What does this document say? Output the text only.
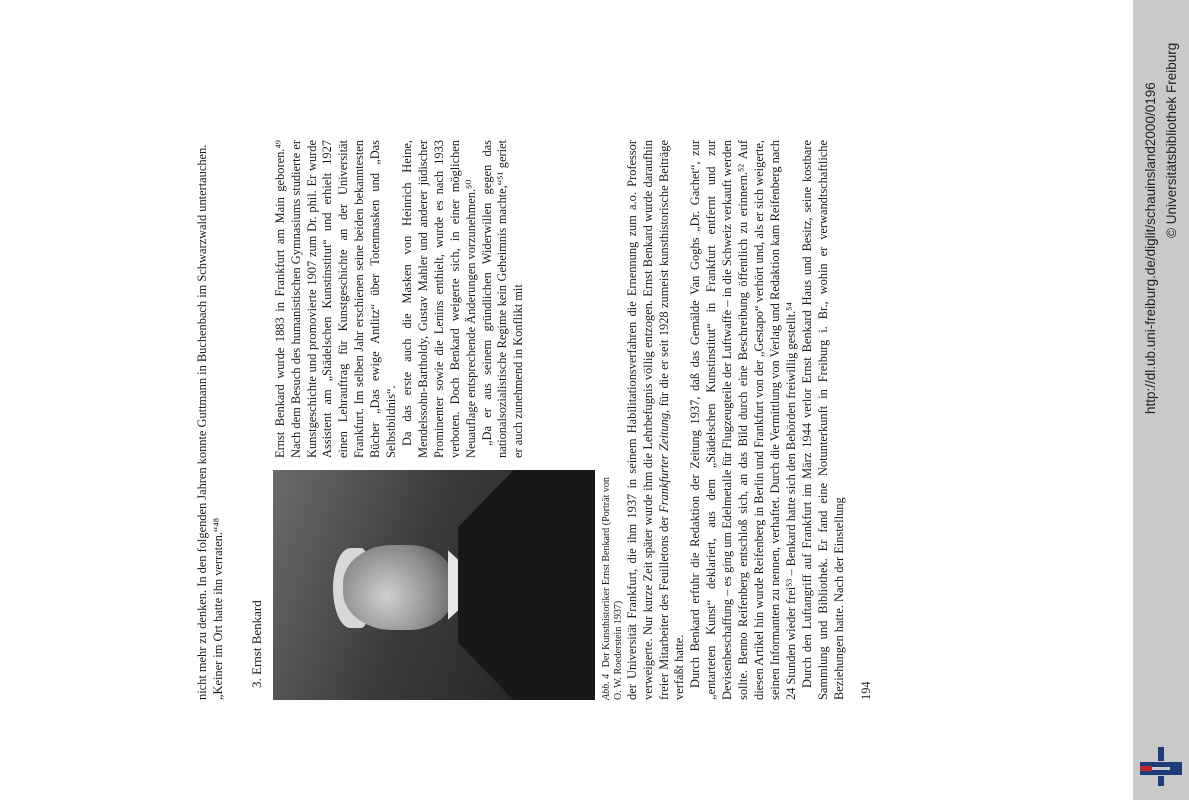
nicht mehr zu denken. In den folgenden Jahren konnte Guttmann in Buchenbach im Schwarzwald untertauchen. „Keiner im Ort hatte ihn verraten.“⁴⁸ 3. Ernst Benkard	Abb. 4 Der Kunsthistoriker Ernst Benkard (Porträt von O. W. Roederstein 1937)

Ernst Benkard wurde 1883 in Frankfurt am Main geboren.⁴⁹ Nach dem Besuch des humanistischen Gymnasiums studierte er Kunstgeschichte und promovierte 1907 zum Dr. phil. Er wurde Assistent am „Städelschen Kunstinstitut“ und erhielt 1927 einen Lehrauftrag für Kunstgeschichte an der Universität Frankfurt. Im selben Jahr erschienen seine beiden bekanntesten Bücher „Das ewige Antlitz“ über Totenmasken und „Das Selbstbildnis“. Da das erste auch die Masken von Heinrich Heine, Mendelssohn-Bartholdy, Gustav Mahler und anderer jüdischer Prominenter sowie die Lenins enthielt, wurde es nach 1933 verboten. Doch Benkard weigerte sich, in einer möglichen Neuauflage entsprechende Änderungen vorzunehmen.⁵⁰ „Da er aus seinem gründlichen Widerwillen gegen das nationalsozialistische Regime kein Geheimnis machte,“⁵¹ geriet er auch zunehmend in Konflikt mit	der Universität Frankfurt, die ihm 1937 in seinem Habilitationsverfahren die Ernennung zum a.o. Professor verweigerte. Nur kurze Zeit später wurde ihm die Lehrbefugnis völlig entzogen. Ernst Benkard wurde daraufhin freier Mitarbeiter des Feuilletons der Frankfurter Zeitung, für die er seit 1928 zumeist kunsthistorische Beiträge verfaßt hatte. Durch Benkard erfuhr die Redaktion der Zeitung 1937, daß das Gemälde Van Goghs „Dr. Gachet“, zur „entarteten Kunst“ deklariert, aus dem „Städelschen Kunstinstitut“ in Frankfurt entfernt und zur Devisenbeschaffung – es ging um Edelmetalle für Flugzeugteile der Luftwaffe – in die Schweiz verkauft werden sollte. Benno Reifenberg entschloß sich, an das Bild durch eine Beschreibung öffentlich zu erinnern.⁵² Auf diesen Artikel hin wurde Reifenberg in Berlin und Frankfurt von der „Gestapo“ verhört und, als er sich weigerte, seinen Informanten zu nennen, verhaftet. Durch die Vermittlung von Verlag und Redaktion kam Reifenberg nach 24 Stunden wieder frei⁵³ – Benkard hatte sich den Behörden freiwillig gestellt.⁵⁴ Durch den Luftangriff auf Frankfurt im März 1944 verlor Ernst Benkard Haus und Besitz, seine kostbare Sammlung und Bibliothek. Er fand eine Notunterkunft in Freiburg i. Br., wohin er verwandtschaftliche Beziehungen hatte. Nach der Einstellung 194
http://dl.ub.uni-freiburg.de/diglit/schauinsland2000/0196 © Universitätsbibliothek Freiburg
